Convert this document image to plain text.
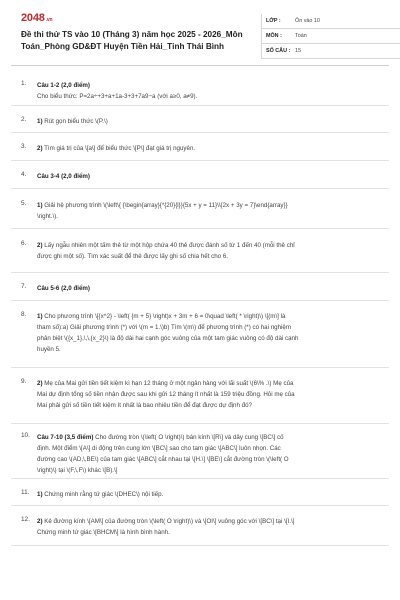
2048.vn
Đề thi thử TS vào 10 (Tháng 3) năm học 2025 - 2026_Môn Toán_Phòng GD&ĐT Huyện Tiền Hải_Tỉnh Thái Bình
LỚP :	Ôn vào 10
MÔN :	Toán
SỐ CÂU : 15
1.	Câu 1-2 (2,0 điểm)
Cho biểu thức: P=2a÷+3+a+1a-3+3+7a9−a (với a≥0, a≠9).
2.	1) Rút gọn biểu thức \(P.\)
3.	2) Tìm giá trị của \[a\] để biểu thức \[P\] đạt giá trị nguyên.
4.	Câu 3-4 (2,0 điểm)
5.	1) Giải hệ phương trình \(\left\{ {\begin{array}{*{20}{l}}{5x + y = 11}\\{2x + 3y = 7}\end{array}}
\right.\).
6.	2) Lấy ngẫu nhiên một tấm thẻ từ một hộp chứa 40 thẻ được đánh số từ 1 đến 40 (mỗi thẻ chỉ
được ghi một số). Tìm xác suất để thẻ được lấy ghi số chia hết cho 6.
7.	Câu 5-6 (2,0 điểm)
8.	1) Cho phương trình \[{x^2} - \left( {m + 5} \right)x + 3m + 6 = 0\quad \left( * \right)\) \[(m\] là
tham số):a) Giải phương trình (*) với \(m = 1.\)b) Tìm \(m\) để phương trình (*) có hai nghiệm
phân biệt \({x_1},\,\,{x_2}\) là độ dài hai cạnh góc vuông của một tam giác vuông có độ dài cạnh
huyền 5.
9.	2) Mẹ của Mai gửi tiền tiết kiệm kì hạn 12 tháng ở một ngân hàng với lãi suất \(6\% .\) Mẹ của
Mai dự định tổng số tiền nhận được sau khi gửi 12 tháng ít nhất là 159 triệu đồng. Hỏi mẹ của
Mai phải gửi số tiền tiết kiệm ít nhất là bao nhiêu tiền để đạt được dự định đó?
10.	Câu 7-10 (3,5 điểm) Cho đường tròn \(\left( O \right)\) bán kính \[R\] và dây cung \[BC\] cố
định. Một điểm \[A\] di động trên cung lớn \[BC\] sao cho tam giác \[ABC\] luôn nhọn. Các
đường cao \(AD,\,BE\) của tam giác \[ABC\] cắt nhau tại \[H.\] \[BE\] cắt đường tròn \(\left( O
\right)\) tại \(F,\,F\) khác \[B).\]
11.	1) Chứng minh rằng tứ giác \(DHEC\) nội tiếp.
12.	2) Kẻ đường kính \[AM\] của đường tròn \(\left( O \right)\) và \[OI\] vuông góc với \[BC\] tại \[I.\]
Chứng minh tứ giác \[BHCM\] là hình bình hành.
